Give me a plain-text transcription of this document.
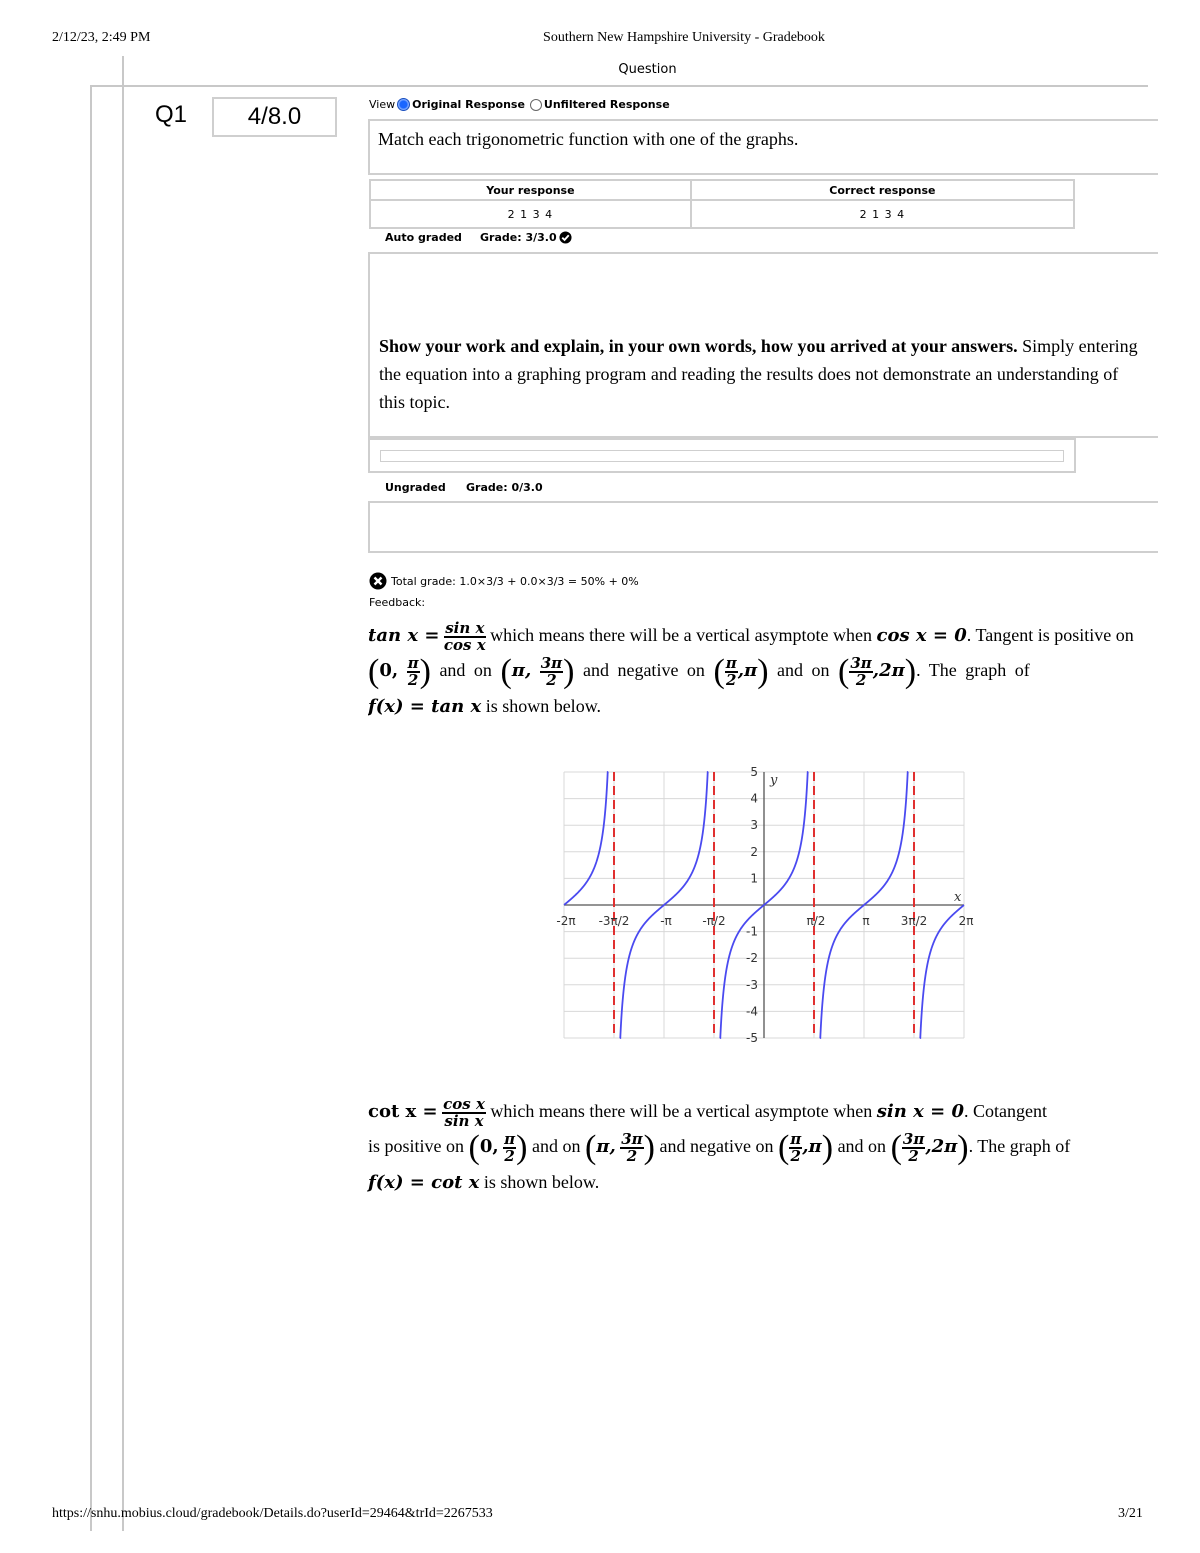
2/12/23, 2:49 PM	Southern New Hampshire University - Gradebook
Question
Q1	4/8.0	View Original Response Unfiltered Response
Match each trigonometric function with one of the graphs.
Your response	Correct response
2 1 3 4	2 1 3 4
Auto graded Grade: 3/3.0
Show your work and explain, in your own words, how you arrived at your answers. Simply entering the equation into a graphing program and reading the results does not demonstrate an understanding of this topic.
Ungraded Grade: 0/3.0
Total grade: 1.0×3/3 + 0.0×3/3 = 50% + 0%
Feedback:
$\tan x = \frac{\text{sin x}}{\text{cos x}}$ which means there will be a vertical asymptote when cos x = 0. Tangent is positive on
(0, $\frac{\pi}{2}$ ) and on (π, $\frac{3\pi}{2}$ ) and negative on ( $\frac{\pi}{2} ,\pi$) and on ( $\frac{3\pi}{2} ,2\pi$). The graph of
f(x) = tan x is shown below.
-5
-4
-3
-2
-1
1
2
3
4
5
-2π -3π/2	-π	-π/2	π/2	π	3π/2	2π
x
y
$\cot x = \frac{\text{cos x}}{\text{sin x}}$ which means there will be a vertical asymptote when sin x = 0. Cotangent
is positive on (0, $\frac{\pi}{2}$ ) and on (π, $\frac{3\pi}{2}$ ) and negative on ( $\frac{\pi}{2} ,\pi$) and on ( $\frac{3\pi}{2} ,2\pi$). The graph of
f(x) = cot x is shown below.
https://snhu.mobius.cloud/gradebook/Details.do?userId=29464&trId=2267533	3/21
